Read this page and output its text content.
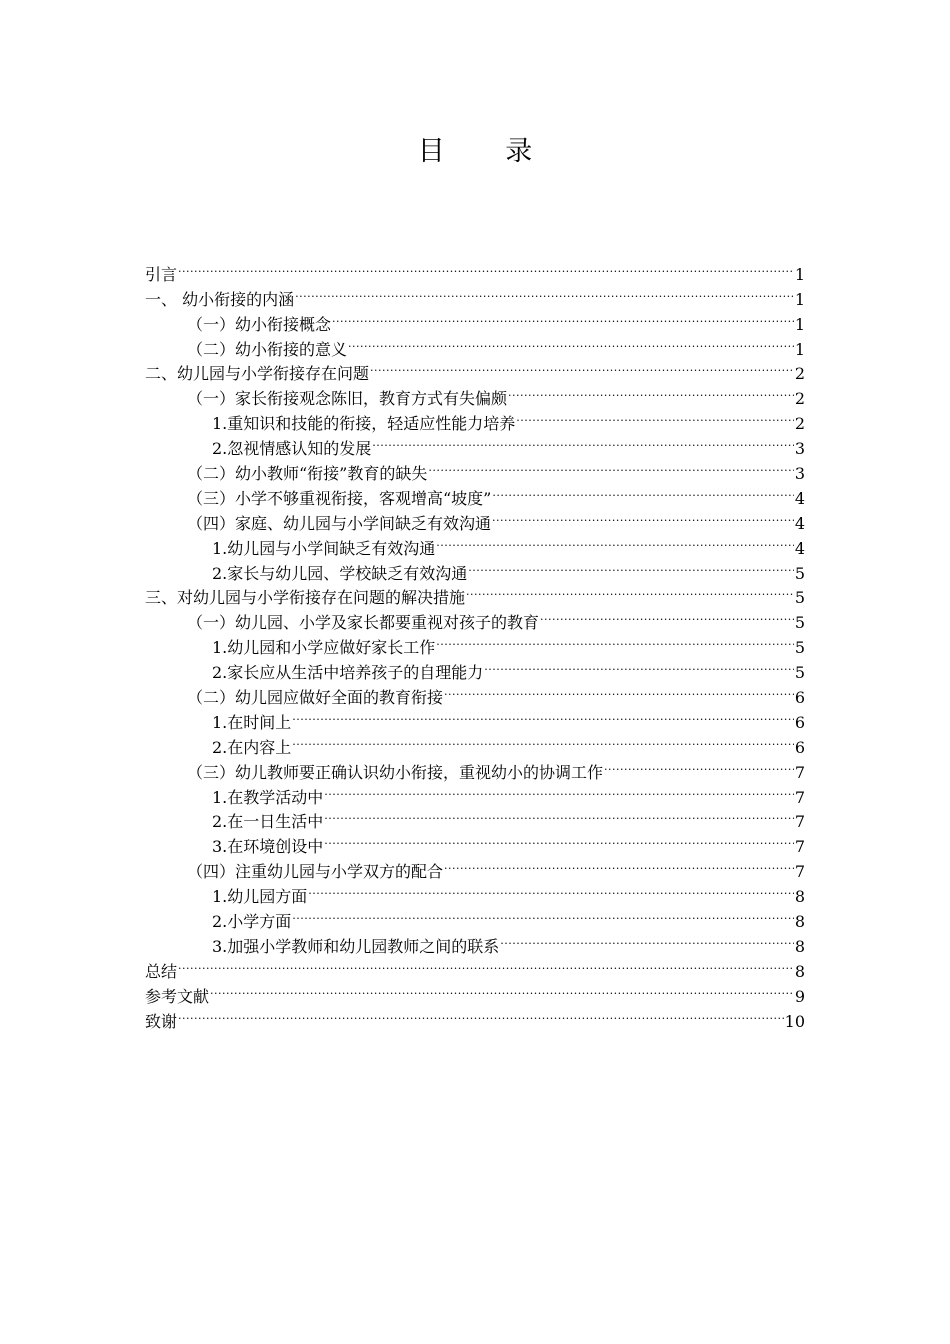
目 录
引言 .....	1
一、 幼小衔接的内涵 .....	1
（一）幼小衔接概念 .....	1
（二）幼小衔接的意义 .....	1
二、幼儿园与小学衔接存在问题 .....	2
（一）家长衔接观念陈旧，教育方式有失偏颇 .....	2
1.重知识和技能的衔接，轻适应性能力培养 .....	2
2.忽视情感认知的发展 .....	3
（二）幼小教师“衔接”教育的缺失 .....	3
（三）小学不够重视衔接，客观增高“坡度” .....	4
（四）家庭、幼儿园与小学间缺乏有效沟通 .....	4
1.幼儿园与小学间缺乏有效沟通 .....	4
2.家长与幼儿园、学校缺乏有效沟通 .....	5
三、对幼儿园与小学衔接存在问题的解决措施 .....	5
（一）幼儿园、小学及家长都要重视对孩子的教育 .....	5
1.幼儿园和小学应做好家长工作 .....	5
2.家长应从生活中培养孩子的自理能力 .....	5
（二）幼儿园应做好全面的教育衔接 .....	6
1.在时间上 .....	6
2.在内容上 .....	6
（三）幼儿教师要正确认识幼小衔接，重视幼小的协调工作 .....	7
1.在教学活动中 .....	7
2.在一日生活中 .....	7
3.在环境创设中 .....	7
（四）注重幼儿园与小学双方的配合 .....	7
1.幼儿园方面 .....	8
2.小学方面 .....	8
3.加强小学教师和幼儿园教师之间的联系 .....	8
总结 .....	8
参考文献 .....	9
致谢 .....	10
